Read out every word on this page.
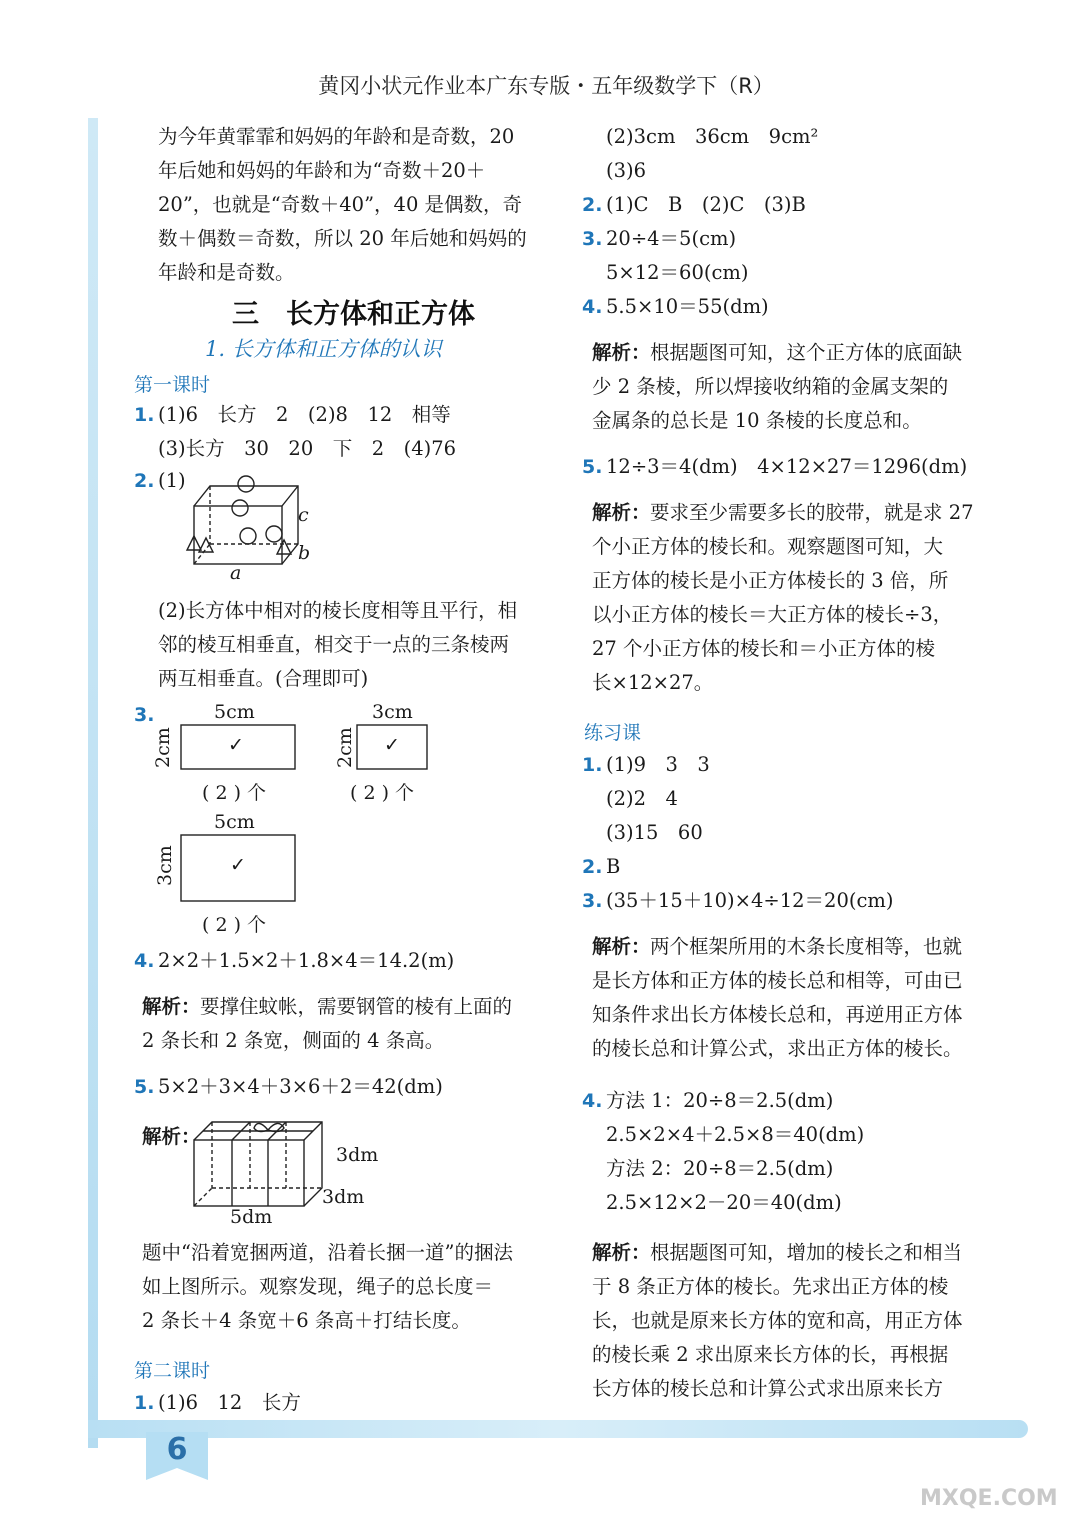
6
黄冈小状元作业本广东专版・五年级数学下（R）
MXQE.COM
为今年黄霏霏和妈妈的年龄和是奇数，20
年后她和妈妈的年龄和为“奇数＋20＋
20”，也就是“奇数＋40”，40 是偶数，奇
数＋偶数＝奇数，所以 20 年后她和妈妈的
年龄和是奇数。
三　长方体和正方体
1. 长方体和正方体的认识
第一课时
1. (1)6　长方　2　(2)8　12　相等
(3)长方　30　20　下　2　(4)76
2. (1)
c
b
a
(2)长方体中相对的棱长度相等且平行，相
邻的棱互相垂直，相交于一点的三条棱两
两互相垂直。(合理即可)
3.	5cm
2cm	✓
( 2 ) 个
3cm
2cm ✓
( 2 ) 个
5cm
3cm	✓
( 2 ) 个
4. 2×2＋1.5×2＋1.8×4＝14.2(m)
解析： 要撑住蚊帐，需要钢管的棱有上面的
2 条长和 2 条宽，侧面的 4 条高。
5. 5×2＋3×4＋3×6＋2＝42(dm)
解析：
3dm
3dm
5dm
题中“沿着宽捆两道，沿着长捆一道”的捆法
如上图所示。观察发现，绳子的总长度＝
2 条长＋4 条宽＋6 条高＋打结长度。
第二课时
1. (1)6　12　长方
(2)3cm　36cm　9cm²
(3)6
2. (1)C　B　(2)C　(3)B
3. 20÷4＝5(cm)
5×12＝60(cm)
4. 5.5×10＝55(dm)
解析： 根据题图可知，这个正方体的底面缺
少 2 条棱，所以焊接收纳箱的金属支架的
金属条的总长是 10 条棱的长度总和。
5. 12÷3＝4(dm)　4×12×27＝1296(dm)
解析： 要求至少需要多长的胶带，就是求 27
个小正方体的棱长和。观察题图可知，大
正方体的棱长是小正方体棱长的 3 倍，所
以小正方体的棱长＝大正方体的棱长÷3，
27 个小正方体的棱长和＝小正方体的棱
长×12×27。
练习课
1. (1)9　3　3
(2)2　4
(3)15　60
2. B
3. (35＋15＋10)×4÷12＝20(cm)
解析： 两个框架所用的木条长度相等，也就
是长方体和正方体的棱长总和相等，可由已
知条件求出长方体棱长总和，再逆用正方体
的棱长总和计算公式，求出正方体的棱长。
4. 方法 1：20÷8＝2.5(dm)
2.5×2×4＋2.5×8＝40(dm)
方法 2：20÷8＝2.5(dm)
2.5×12×2－20＝40(dm)
解析： 根据题图可知，增加的棱长之和相当
于 8 条正方体的棱长。先求出正方体的棱
长，也就是原来长方体的宽和高，用正方体
的棱长乘 2 求出原来长方体的长，再根据
长方体的棱长总和计算公式求出原来长方
